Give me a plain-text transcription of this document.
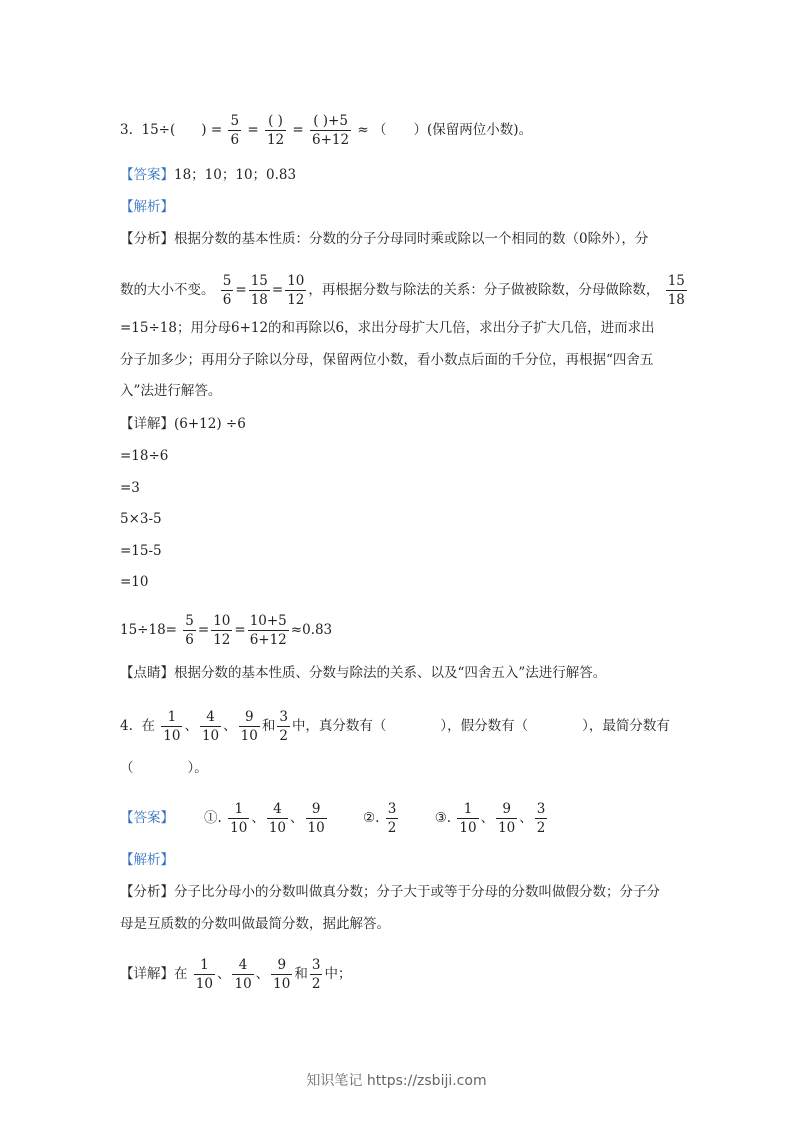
3. 15÷( ) = $\frac{5}{6} = \frac{( )}{12} = \frac{( )+5}{6+12}$ ≈ （　　）(保留两位小数)。
【答案】18；10；10；0.83
【解析】
【分析】根据分数的基本性质：分数的分子分母同时乘或除以一个相同的数（0除外），分
数的大小不变。 $\frac{5}{6} = \frac{15}{18} = \frac{10}{12}$ ，再根据分数与除法的关系：分子做被除数，分母做除数， $\frac{15}{18}$
=15÷18；用分母6+12的和再除以6，求出分母扩大几倍，求出分子扩大几倍，进而求出
分子加多少；再用分子除以分母，保留两位小数，看小数点后面的千分位，再根据“四舍五
入”法进行解答。
【详解】(6+12) ÷6
=18÷6
=3
5×3-5
=15-5
=10
$15\div 18= \frac{5}{6} = \frac{10}{12} = \frac{10+5}{6+12} \approx 0.83$
【点睛】根据分数的基本性质、分数与除法的关系、以及“四舍五入”法进行解答。
4. 在 $\frac{1}{10}$ 、 $\frac{4}{10}$ 、 $\frac{9}{10}$ 和 $\frac{3}{2}$ 中，真分数有（　　　　），假分数有（　　　　），最简分数有
（　　　　）。
【答案】 ①. $\frac{1}{10}$ 、 $\frac{4}{10}$ 、 $\frac{9}{10}$	②. $\frac{3}{2}$	③. $\frac{1}{10}$ 、 $\frac{9}{10}$ 、 $\frac{3}{2}$
【解析】
【分析】分子比分母小的分数叫做真分数；分子大于或等于分母的分数叫做假分数；分子分
母是互质数的分数叫做最简分数，据此解答。
【详解】在 $\frac{1}{10}$ 、 $\frac{4}{10}$ 、 $\frac{9}{10}$ 和 $\frac{3}{2}$ 中；
知识笔记 https://zsbiji.com
